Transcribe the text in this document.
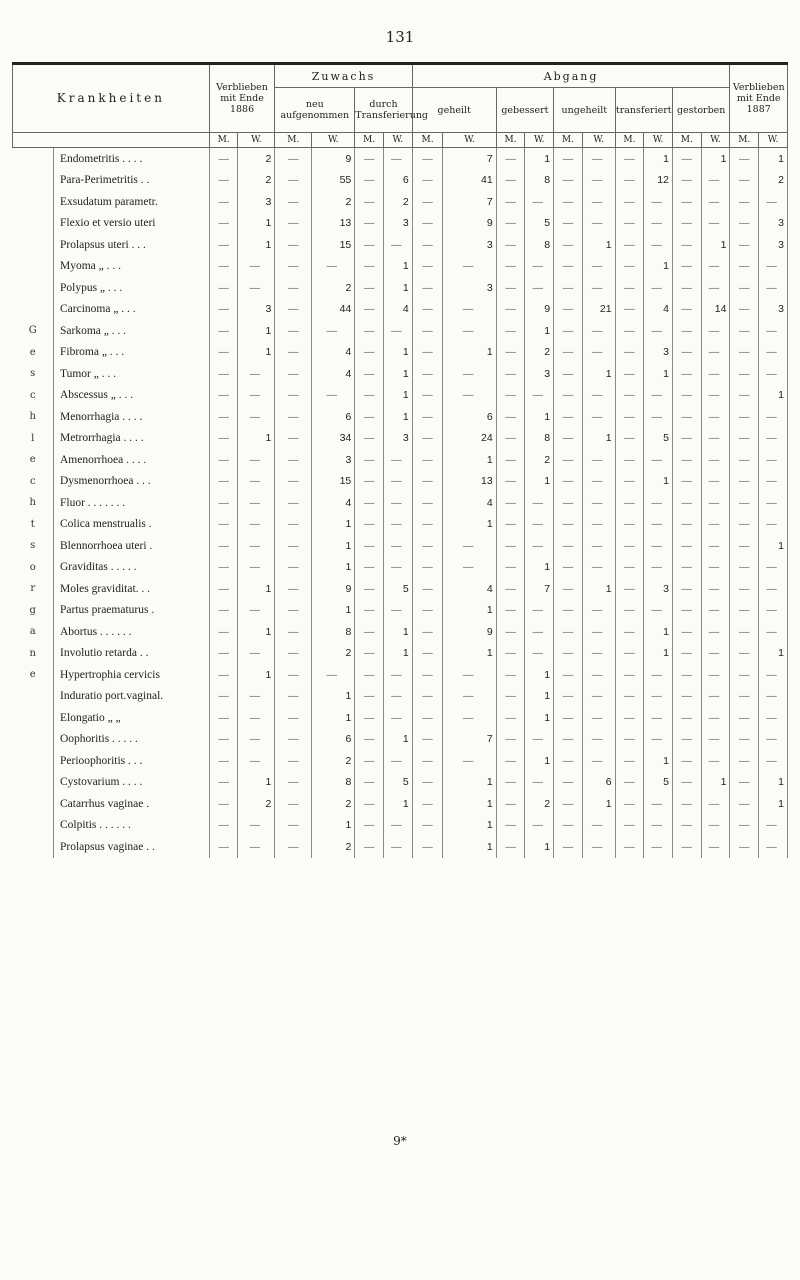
131
Krankheiten		Verblieben mit Ende 1886		Zuwachs				Abgang										Verblieben mit Ende 1887	
				neu aufgenommen		durch Transferierung		geheilt		gebessert		ungeheilt		transferiert		gestorben			
		M.	W.	M.	W.	M.	W.	M.	W.	M.	W.	M.	W.	M.	W.	M.	W.	M.	W.
	Endometritis . . . .	—	2	—	9	—	—	—	7	—	1	—	—	—	1	—	1	—	1
	Para-Perimetritis . .	—	2	—	55	—	6	—	41	—	8	—	—	—	12	—	—	—	2
	Exsudatum parametr.	—	3	—	2	—	2	—	7	—	—	—	—	—	—	—	—	—	—
	Flexio et versio uteri	—	1	—	13	—	3	—	9	—	5	—	—	—	—	—	—	—	3
	Prolapsus uteri . . .	—	1	—	15	—	—	—	3	—	8	—	1	—	—	—	1	—	3
	Myoma „ . . .	—	—	—	—	—	1	—	—	—	—	—	—	—	1	—	—	—	—
	Polypus „ . . .	—	—	—	2	—	1	—	3	—	—	—	—	—	—	—	—	—	—
	Carcinoma „ . . .	—	3	—	44	—	4	—	—	—	9	—	21	—	4	—	14	—	3
G	Sarkoma „ . . .	—	1	—	—	—	—	—	—	—	1	—	—	—	—	—	—	—	—
e	Fibroma „ . . .	—	1	—	4	—	1	—	1	—	2	—	—	—	3	—	—	—	—
s	Tumor „ . . .	—	—	—	4	—	1	—	—	—	3	—	1	—	1	—	—	—	—
c	Abscessus „ . . .	—	—	—	—	—	1	—	—	—	—	—	—	—	—	—	—	—	1
h	Menorrhagia . . . .	—	—	—	6	—	1	—	6	—	1	—	—	—	—	—	—	—	—
l	Metrorrhagia . . . .	—	1	—	34	—	3	—	24	—	8	—	1	—	5	—	—	—	—
e	Amenorrhoea . . . .	—	—	—	3	—	—	—	1	—	2	—	—	—	—	—	—	—	—
c	Dysmenorrhoea . . .	—	—	—	15	—	—	—	13	—	1	—	—	—	1	—	—	—	—
h	Fluor . . . . . . .	—	—	—	4	—	—	—	4	—	—	—	—	—	—	—	—	—	—
t	Colica menstrualis .	—	—	—	1	—	—	—	1	—	—	—	—	—	—	—	—	—	—
s	Blennorrhoea uteri .	—	—	—	1	—	—	—	—	—	—	—	—	—	—	—	—	—	1
o	Graviditas . . . . .	—	—	—	1	—	—	—	—	—	1	—	—	—	—	—	—	—	—
r	Moles graviditat. . .	—	1	—	9	—	5	—	4	—	7	—	1	—	3	—	—	—	—
g	Partus praematurus .	—	—	—	1	—	—	—	1	—	—	—	—	—	—	—	—	—	—
a	Abortus . . . . . .	—	1	—	8	—	1	—	9	—	—	—	—	—	1	—	—	—	—
n	Involutio retarda . .	—	—	—	2	—	1	—	1	—	—	—	—	—	1	—	—	—	1
e	Hypertrophia cervicis	—	1	—	—	—	—	—	—	—	1	—	—	—	—	—	—	—	—
	Induratio port.vaginal.	—	—	—	1	—	—	—	—	—	1	—	—	—	—	—	—	—	—
	Elongatio „ „	—	—	—	1	—	—	—	—	—	1	—	—	—	—	—	—	—	—
	Oophoritis . . . . .	—	—	—	6	—	1	—	7	—	—	—	—	—	—	—	—	—	—
	Perioophoritis . . .	—	—	—	2	—	—	—	—	—	1	—	—	—	1	—	—	—	—
	Cystovarium . . . .	—	1	—	8	—	5	—	1	—	—	—	6	—	5	—	1	—	1
	Catarrhus vaginae .	—	2	—	2	—	1	—	1	—	2	—	1	—	—	—	—	—	1
	Colpitis . . . . . .	—	—	—	1	—	—	—	1	—	—	—	—	—	—	—	—	—	—
	Prolapsus vaginae . .	—	—	—	2	—	—	—	1	—	1	—	—	—	—	—	—	—	—
9*
